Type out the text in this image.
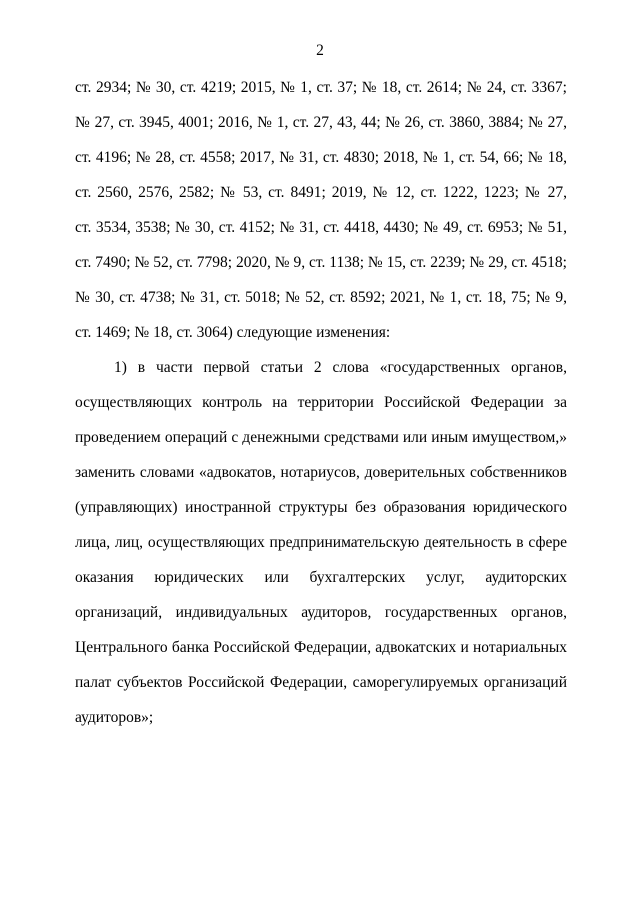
2
ст. 2934; № 30, ст. 4219; 2015, № 1, ст. 37; № 18, ст. 2614; № 24, ст. 3367;
№ 27, ст. 3945, 4001; 2016, № 1, ст. 27, 43, 44; № 26, ст. 3860, 3884; № 27,
ст. 4196; № 28, ст. 4558; 2017, № 31, ст. 4830; 2018, № 1, ст. 54, 66; № 18,
ст. 2560, 2576, 2582; № 53, ст. 8491; 2019, № 12, ст. 1222, 1223; № 27,
ст. 3534, 3538; № 30, ст. 4152; № 31, ст. 4418, 4430; № 49, ст. 6953; № 51,
ст. 7490; № 52, ст. 7798; 2020, № 9, ст. 1138; № 15, ст. 2239; № 29, ст. 4518;
№ 30, ст. 4738; № 31, ст. 5018; № 52, ст. 8592; 2021, № 1, ст. 18, 75; № 9,
ст. 1469; № 18, ст. 3064) следующие изменения:
1) в части первой статьи 2 слова «государственных органов,
осуществляющих контроль на территории Российской Федерации за
проведением операций с денежными средствами или иным имуществом,»
заменить словами «адвокатов, нотариусов, доверительных собственников
(управляющих) иностранной структуры без образования юридического
лица, лиц, осуществляющих предпринимательскую деятельность в сфере
оказания юридических или бухгалтерских услуг, аудиторских
организаций, индивидуальных аудиторов, государственных органов,
Центрального банка Российской Федерации, адвокатских и нотариальных
палат субъектов Российской Федерации, саморегулируемых организаций
аудиторов»;
